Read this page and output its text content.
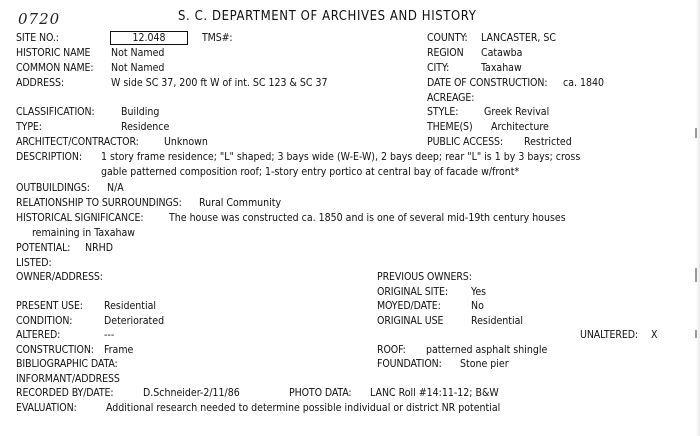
0720	S. C. DEPARTMENT OF ARCHIVES AND HISTORY
SITE NO.:	12.048	TMS#:	COUNTY: LANCASTER, SC
HISTORIC NAME Not Named	REGION Catawba
COMMON NAME: Not Named	CITY:	Taxahaw
ADDRESS:	W side SC 37, 200 ft W of int. SC 123 & SC 37	DATE OF CONSTRUCTION: ca. 1840
ACREAGE:
CLASSIFICATION:	Building	STYLE: Greek Revival
TYPE:	Residence	THEME(S) Architecture
ARCHITECT/CONTRACTOR: Unknown	PUBLIC ACCESS: Restricted
DESCRIPTION: 1 story frame residence; "L" shaped; 3 bays wide (W-E-W), 2 bays deep; rear "L" is 1 by 3 bays; cross
gable patterned composition roof; 1-story entry portico at central bay of facade w/front*
OUTBUILDINGS: N/A
RELATIONSHIP TO SURROUNDINGS: Rural Community
HISTORICAL SIGNIFICANCE: The house was constructed ca. 1850 and is one of several mid-19th century houses
remaining in Taxahaw
POTENTIAL: NRHD
LISTED:
OWNER/ADDRESS:	PREVIOUS OWNERS:
ORIGINAL SITE: Yes
PRESENT USE: Residential	MOYED/DATE:	No
CONDITION:	Deteriorated	ORIGINAL USE	Residential
ALTERED:	---	UNALTERED: X
CONSTRUCTION: Frame	ROOF: patterned asphalt shingle
BIBLIOGRAPHIC DATA:	FOUNDATION: Stone pier
INFORMANT/ADDRESS
RECORDED BY/DATE:	D.Schneider-2/11/86	PHOTO DATA: LANC Roll #14:11-12; B&W
EVALUATION:	Additional research needed to determine possible individual or district NR potential
